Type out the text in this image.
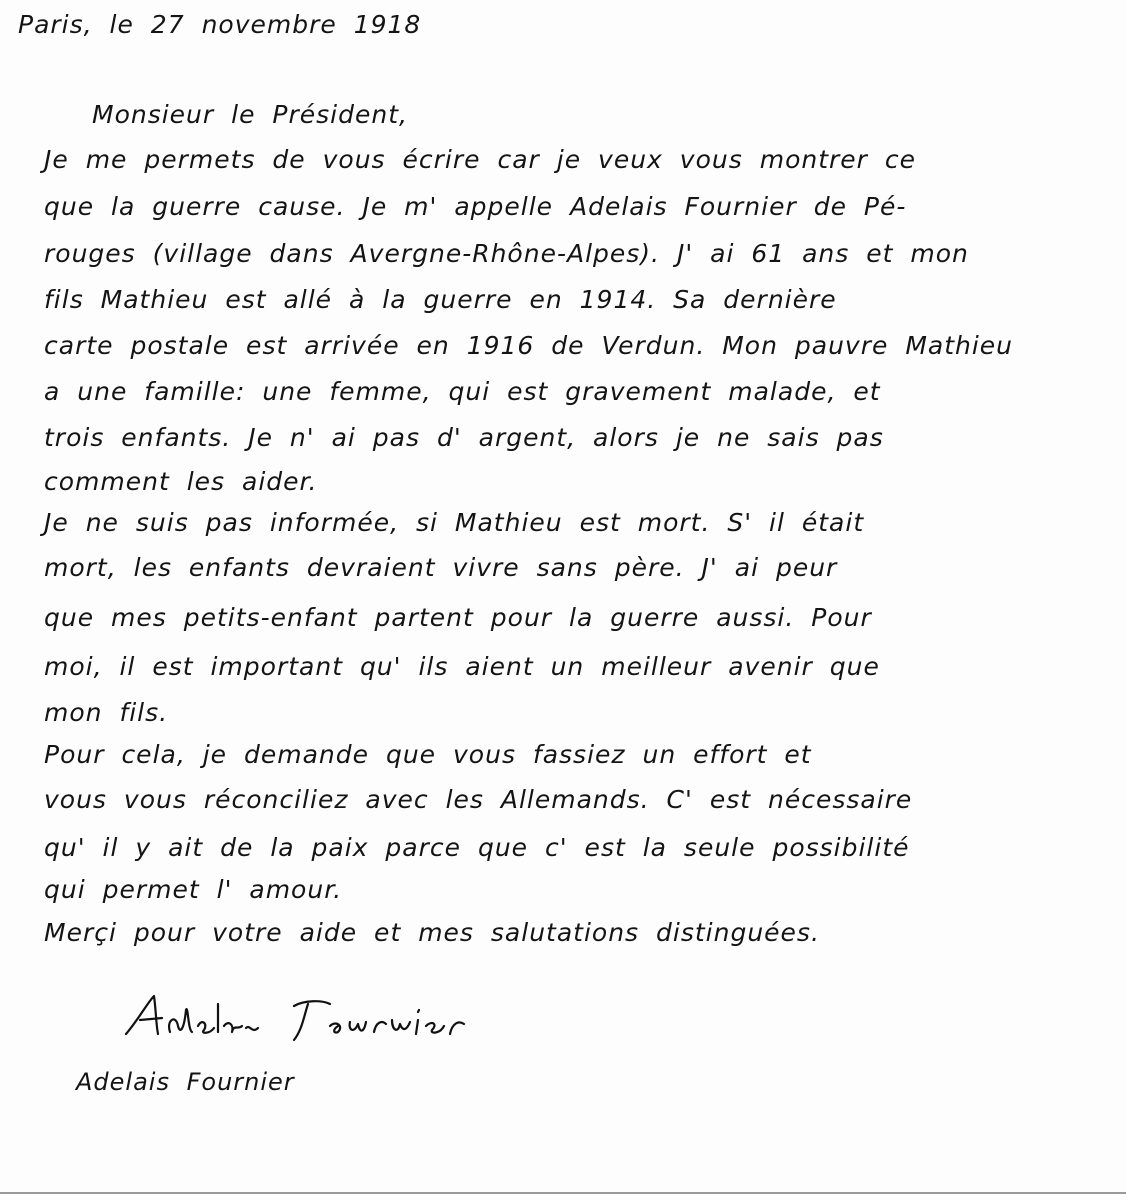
Paris, le 27 novembre 1918
Monsieur le Président,
Je me permets de vous écrire car je veux vous montrer ce
que la guerre cause. Je m' appelle Adelais Fournier de Pé-
rouges (village dans Avergne-Rhône-Alpes). J' ai 61 ans et mon
fils Mathieu est allé à la guerre en 1914. Sa dernière
carte postale est arrivée en 1916 de Verdun. Mon pauvre Mathieu
a une famille: une femme, qui est gravement malade, et
trois enfants. Je n' ai pas d' argent, alors je ne sais pas
comment les aider.
Je ne suis pas informée, si Mathieu est mort. S' il était
mort, les enfants devraient vivre sans père. J' ai peur
que mes petits-enfant partent pour la guerre aussi. Pour
moi, il est important qu' ils aient un meilleur avenir que
mon fils.
Pour cela, je demande que vous fassiez un effort et
vous vous réconciliez avec les Allemands. C' est nécessaire
qu' il y ait de la paix parce que c' est la seule possibilité
qui permet l' amour.
Merçi pour votre aide et mes salutations distinguées.
Adelais Fournier
